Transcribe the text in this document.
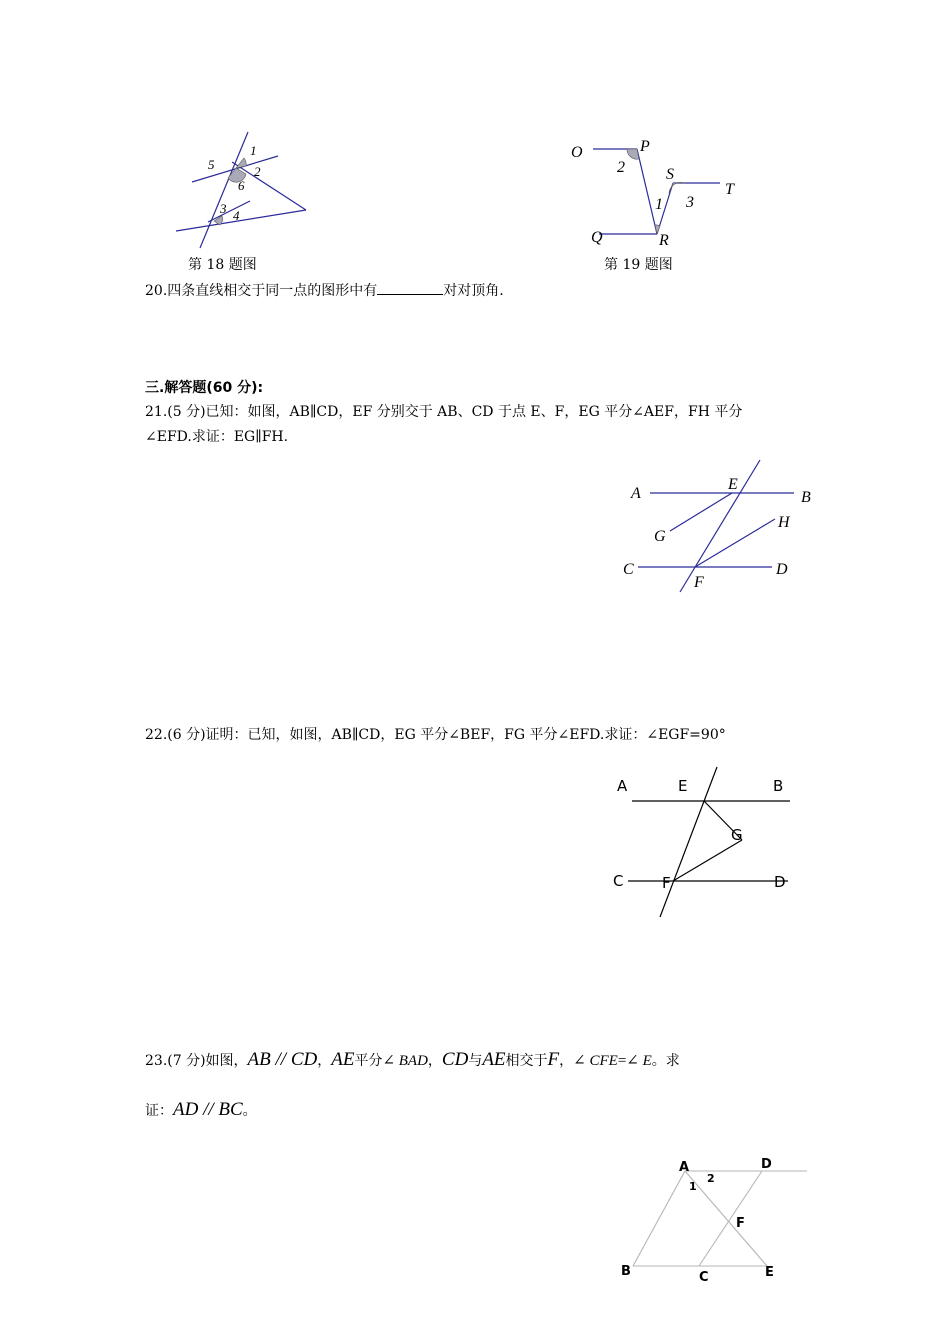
1
2
5
6
3 4
第 18 题图
O	P
2	S
T
1 3
Q	R
第 19 题图
20.四条直线相交于同一点的图形中有	对对顶角.
三.解答题(60 分):
21.(5 分)已知：如图，AB∥CD，EF 分别交于 AB、CD 于点 E、F，EG 平分∠AEF，FH 平分
∠EFD.求证：EG∥FH.
A
E
B
G
H
C
F
D
22.(6 分)证明：已知，如图，AB∥CD，EG 平分∠BEF，FG 平分∠EFD.求证：∠EGF=90°
A	E	B
G
C	F	D
23.(7 分)如图，AB // CD，AE平分∠ BAD，CD与AE相交于F，∠ CFE=∠ E。求
证：AD // BC。
A	D
1
2
F
B	C	E
